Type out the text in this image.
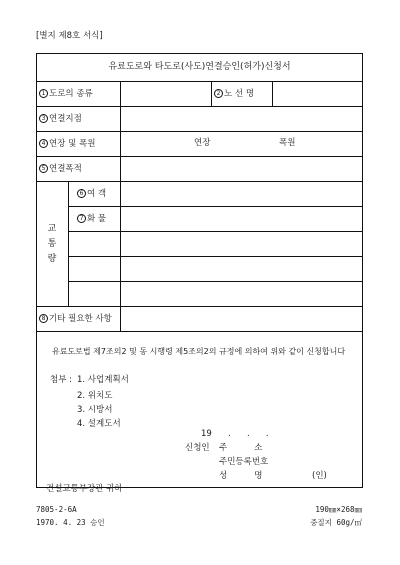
[별지 제8호 서식]
유료도로와 타도로(사도)연결승인(허가)신청서
1 도로의 종류	2 노 선 명
3 연결지점
4 연장 및 폭원	연장	폭원
5 연결폭적
교
통
량
6 여 객
7 화 물
8 기타 필요한 사항
유료도로법 제7조의2 및 동 시행령 제5조의2의 규정에 의하여 위와 같이 신청합니다
첨부 : 1. 사업계획서
2. 위치도
3. 시방서
4. 설계도서
19      .      .      .
신청인 주          소
주민등록번호
성          명	(인)
건설교통부장관 귀하
7805-2-6A
1970. 4. 23 승인
190㎜×268㎜
중질지 60g/㎡
